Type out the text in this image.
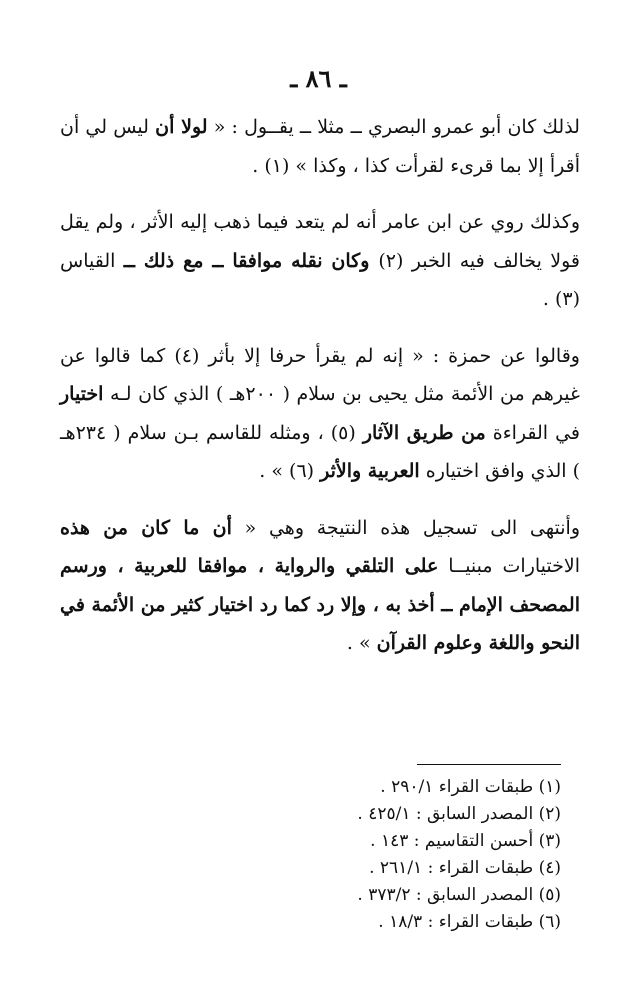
ـ ٨٦ ـ

لذلك كان أبو عمرو البصري ــ مثلا ــ يقــول : « لولا أن ليس لي أن أقرأ إلا بما قرىء لقرأت كذا ، وكذا » (١) .

وكذلك روي عن ابن عامر أنه لم يتعد فيما ذهب إليه الأثر ، ولم يقل قولا يخالف فيه الخبر (٢) وكان نقله موافقا ــ مع ذلك ــ القياس (٣) .

وقالوا عن حمزة : « إنه لم يقرأ حرفا إلا بأثر (٤) كما قالوا عن غيرهم من الأئمة مثل يحيى بن سلام ( ٢٠٠هـ ) الذي كان لـه اختيار في القراءة من طريق الآثار (٥) ، ومثله للقاسم بـن سلام ( ٢٣٤هـ ) الذي وافق اختياره العربية والأثر (٦) » .

وأنتهى الى تسجيل هذه النتيجة وهي « أن ما كان من هذه الاختيارات مبنيــا على التلقي والرواية ، موافقا للعربية ، ورسم المصحف الإمام ــ أخذ به ، وإلا رد كما رد اختيار كثير من الأئمة في النحو واللغة وعلوم القرآن » .

(١) طبقات القراء ٢٩٠/١ .
(٢) المصدر السابق : ٤٢٥/١ .
(٣) أحسن التقاسيم : ١٤٣ .
(٤) طبقات القراء : ٢٦١/١ .
(٥) المصدر السابق : ٣٧٣/٢ .
(٦) طبقات القراء : ١٨/٣ .
